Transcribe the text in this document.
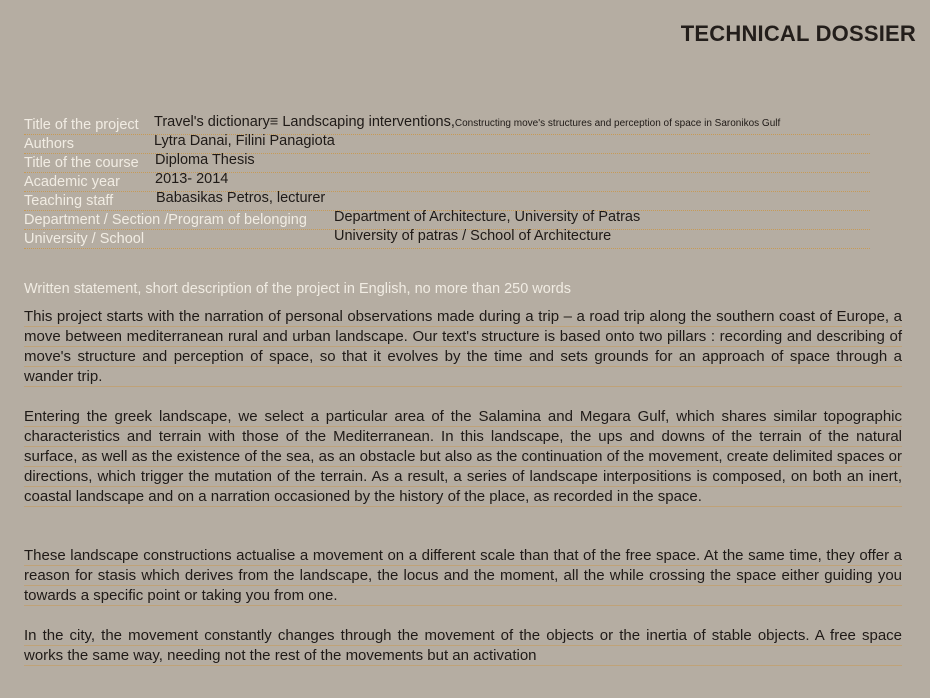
TECHNICAL DOSSIER
Title of the project Travel's dictionary≡ Landscaping interventions,Constructing move's structures and perception of space in Saronikos Gulf
Authors	Lytra Danai, Filini Panagiota
Title of the course Diploma Thesis
Academic year 2013- 2014
Teaching staff	Babasikas Petros, lecturer
Department / Section /Program of belonging Department of Architecture, University of Patras
University / School	University of patras / School of Architecture
Written statement, short description of the project in English, no more than 250 words

This project starts with the narration of personal observations made during a trip – a road trip along the southern coast of Europe, a move between mediterranean rural and urban landscape. Our text's structure is based onto two pillars : recording and describing of move's structure and perception of space, so that it evolves by the time and sets grounds for an approach of space through a wander trip.

Entering the greek landscape, we select a particular area of the Salamina and Megara Gulf, which shares similar topographic characteristics and terrain with those of the Mediterranean. In this landscape, the ups and downs of the terrain of the natural surface, as well as the existence of the sea, as an obstacle but also as the continuation of the movement, create delimited spaces or directions, which trigger the mutation of the terrain. As a result, a series of landscape interpositions is composed, on both an inert, coastal landscape and on a narration occasioned by the history of the place, as recorded in the space.

These landscape constructions actualise a movement on a different scale than that of the free space. At the same time, they offer a reason for stasis which derives from the landscape, the locus and the moment, all the while crossing the space either guiding you towards a specific point or taking you from one.

In the city, the movement constantly changes through the movement of the objects or the inertia of stable objects. A free space works the same way, needing not the rest of the movements but an activation
